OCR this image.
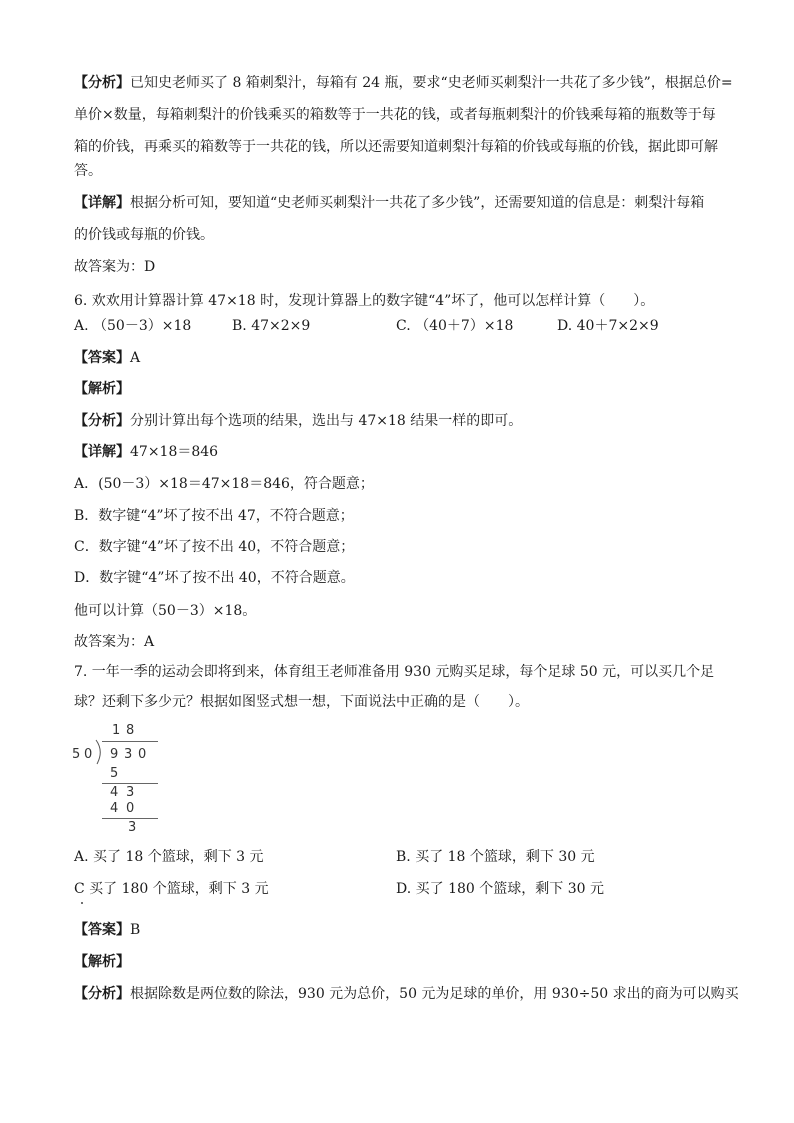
【分析】已知史老师买了 8 箱刺梨汁，每箱有 24 瓶，要求“史老师买刺梨汁一共花了多少钱”，根据总价=
单价×数量，每箱刺梨汁的价钱乘买的箱数等于一共花的钱，或者每瓶刺梨汁的价钱乘每箱的瓶数等于每
箱的价钱，再乘买的箱数等于一共花的钱，所以还需要知道刺梨汁每箱的价钱或每瓶的价钱，据此即可解
答。
【详解】根据分析可知，要知道“史老师买刺梨汁一共花了多少钱”，还需要知道的信息是：刺梨汁每箱
的价钱或每瓶的价钱。
故答案为：D
6. 欢欢用计算器计算 47×18 时，发现计算器上的数字键“4”坏了，他可以怎样计算（　　）。
【答案】A
【解析】
【分析】分别计算出每个选项的结果，选出与 47×18 结果一样的即可。
【详解】47×18＝846
A．(50－3）×18＝47×18＝846，符合题意；
B．数字键“4”坏了按不出 47，不符合题意；
C．数字键“4”坏了按不出 40，不符合题意；
D．数字键“4”坏了按不出 40，不符合题意。
他可以计算（50－3）×18。
故答案为：A
7. 一年一季的运动会即将到来，体育组王老师准备用 930 元购买足球，每个足球 50 元，可以买几个足
球？还剩下多少元？根据如图竖式想一想，下面说法中正确的是（　　）。
【答案】B
【解析】
【分析】根据除数是两位数的除法，930 元为总价，50 元为足球的单价，用 930÷50 求出的商为可以购买
A. （50－3）×18	B. 47×2×9	C. （40＋7）×18	D. 40＋7×2×9
1 8
5 0 9 3 0
5
4 3
4 0
3
A. 买了 18 个篮球，剩下 3 元	B. 买了 18 个篮球，剩下 30 元
C 买了 180 个篮球，剩下 3 元	D. 买了 180 个篮球，剩下 30 元
